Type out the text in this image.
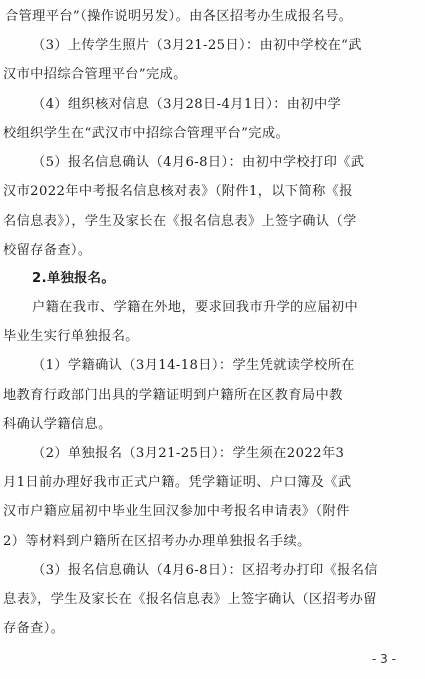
合管理平台”（操作说明另发）。由各区招考办生成报名号。
（3）上传学生照片（3月21-25日）：由初中学校在“武
汉市中招综合管理平台”完成。
（4）组织核对信息（3月28日-4月1日）：由初中学
校组织学生在“武汉市中招综合管理平台”完成。
（5）报名信息确认（4月6-8日）：由初中学校打印《武
汉市2022年中考报名信息核对表》（附件1，以下简称《报
名信息表》），学生及家长在《报名信息表》上签字确认（学
校留存备查）。
2.单独报名。
户籍在我市、学籍在外地，要求回我市升学的应届初中
毕业生实行单独报名。
（1）学籍确认（3月14-18日）：学生凭就读学校所在
地教育行政部门出具的学籍证明到户籍所在区教育局中教
科确认学籍信息。
（2）单独报名（3月21-25日）：学生须在2022年3
月1日前办理好我市正式户籍。凭学籍证明、户口簿及《武
汉市户籍应届初中毕业生回汉参加中考报名申请表》（附件
2）等材料到户籍所在区招考办办理单独报名手续。
（3）报名信息确认（4月6-8日）：区招考办打印《报名信
息表》，学生及家长在《报名信息表》上签字确认（区招考办留
存备查）。
- 3 -
